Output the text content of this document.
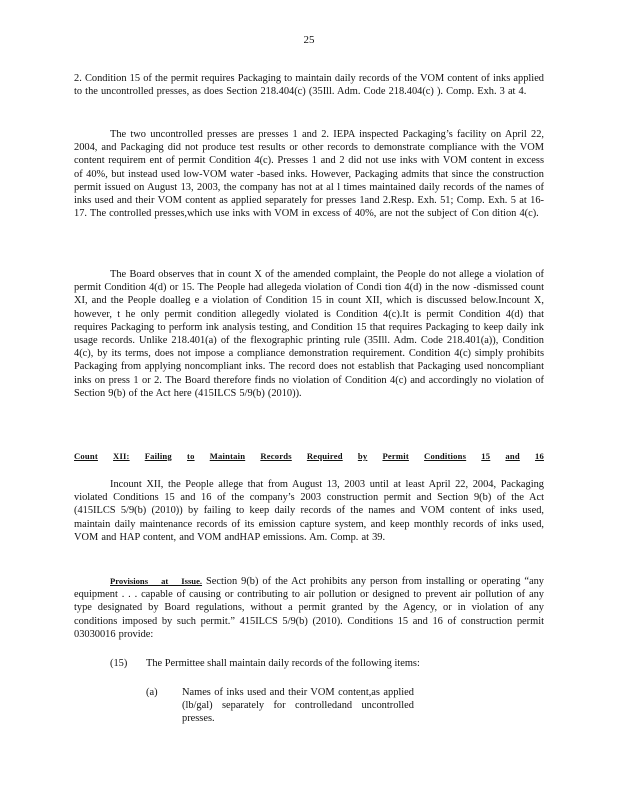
25

2. Condition 15 of the permit requires Packaging to maintain daily records of the VOM content of inks applied to the uncontrolled presses, as does Section 218.404(c) (35Ill. Adm. Code 218.404(c) ). Comp. Exh. 3 at 4.

The two uncontrolled presses are presses 1 and 2. IEPA inspected Packaging’s facility on April 22, 2004, and Packaging did not produce test results or other records to demonstrate compliance with the VOM content requirem ent of permit Condition 4(c). Presses 1 and 2 did not use inks with VOM content in excess of 40%, but instead used low-VOM water -based inks. However, Packaging admits that since the construction permit issued on August 13, 2003, the company has not at al l times maintained daily records of the names of inks used and their VOM content as applied separately for presses 1and 2.Resp. Exh. 51; Comp. Exh. 5 at 16- 17. The controlled presses,which use inks with VOM in excess of 40%, are not the subject of Con dition 4(c).

The Board observes that in count X of the amended complaint, the People do not allege a violation of permit Condition 4(d) or 15. The People had allegeda violation of Condi tion 4(d) in the now -dismissed count XI, and the People doalleg e a violation of Condition 15 in count XII, which is discussed below.Incount X, however, t he only permit condition allegedly violated is Condition 4(c).It is permit Condition 4(d) that requires Packaging to perform ink analysis testing, and Condition 15 that requires Packaging to keep daily ink usage records. Unlike 218.401(a) of the flexographic printing rule (35Ill. Adm. Code 218.401(a)), Condition 4(c), by its terms, does not impose a compliance demonstration requirement. Condition 4(c) simply prohibits Packaging from applying noncompliant inks. The record does not establish that Packaging used noncompliant inks on press 1 or 2. The Board therefore finds no violation of Condition 4(c) and accordingly no violation of Section 9(b) of the Act here (415ILCS 5/9(b) (2010)).

Count XII: Failing to Maintain Records Required by Permit Conditions 15 and 16

Incount XII, the People allege that from August 13, 2003 until at least April 22, 2004, Packaging violated Conditions 15 and 16 of the company’s 2003 construction permit and Section 9(b) of the Act (415ILCS 5/9(b) (2010)) by failing to keep daily records of the names and VOM content of inks used, maintain daily maintenance records of its emission capture system, and keep monthly records of inks used, VOM and HAP content, and VOM andHAP emissions. Am. Comp. at 39.

Provisions at Issue. Section 9(b) of the Act prohibits any person from installing or operating “any equipment . . . capable of causing or contributing to air pollution or designed to prevent air pollution of any type designated by Board regulations, without a permit granted by the Agency, or in violation of any conditions imposed by such permit.” 415ILCS 5/9(b) (2010). Conditions 15 and 16 of construction permit 03030016 provide:

(15) The Permittee shall maintain daily records of the following items:

(a) Names of inks used and their VOM content,as applied (lb/gal) separately for controlledand uncontrolled presses.
